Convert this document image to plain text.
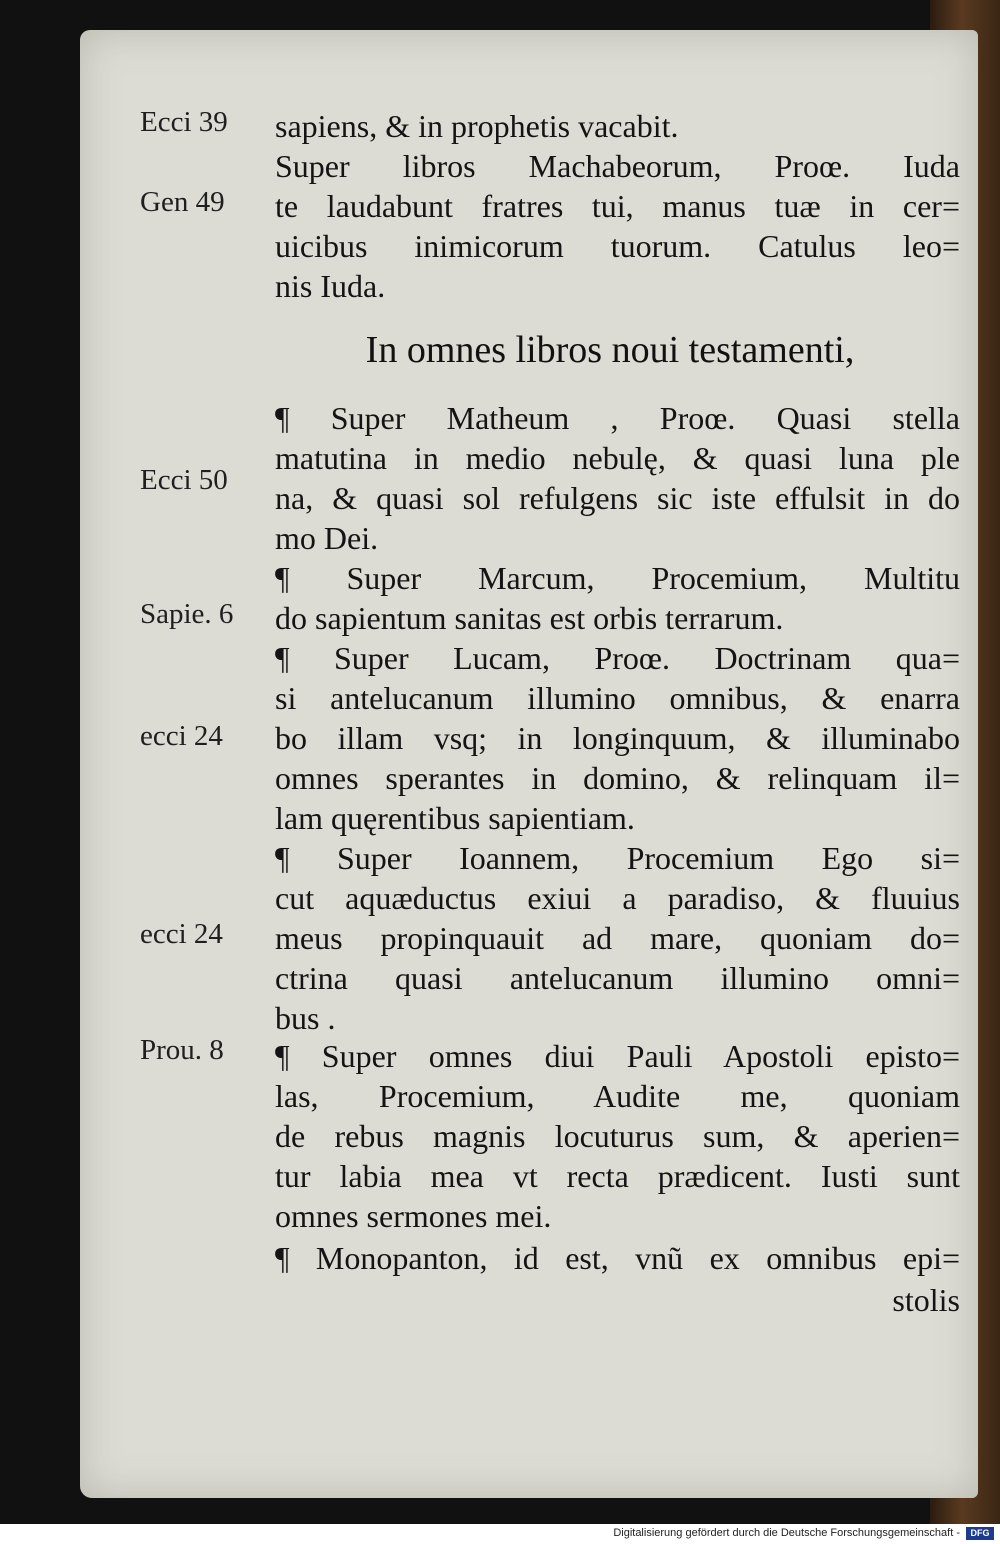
Ecci 39
Gen 49
Ecci 50
Sapie. 6
ecci 24
ecci 24
Prou. 8
sapiens, & in prophetis vacabit.
Super libros Machabeorum, Proœ. Iuda
te laudabunt fratres tui, manus tuæ in cer=
uicibus inimicorum tuorum. Catulus leo=
nis Iuda.
In omnes libros noui testamenti,
¶ Super Matheum , Proœ. Quasi stella
matutina in medio nebulę, & quasi luna ple
na, & quasi sol refulgens sic iste effulsit in do
mo Dei.
¶ Super Marcum, Procemium, Multitu
do sapientum sanitas est orbis terrarum.
¶ Super Lucam, Proœ. Doctrinam qua=
si antelucanum illumino omnibus, & enarra
bo illam vsq; in longinquum, & illuminabo
omnes sperantes in domino, & relinquam il=
lam quęrentibus sapientiam.
¶ Super Ioannem, Procemium Ego si=
cut aquæductus exiui a paradiso, & fluuius
meus propinquauit ad mare, quoniam do=
ctrina quasi antelucanum illumino omni=
bus .
¶ Super omnes diui Pauli Apostoli episto=
las, Procemium, Audite me, quoniam
de rebus magnis locuturus sum, & aperien=
tur labia mea vt recta prædicent. Iusti sunt
omnes sermones mei.
¶ Monopanton, id est, vnũ ex omnibus epi=
stolis
Digitalisierung gefördert durch die Deutsche Forschungsgemeinschaft -	DFG
